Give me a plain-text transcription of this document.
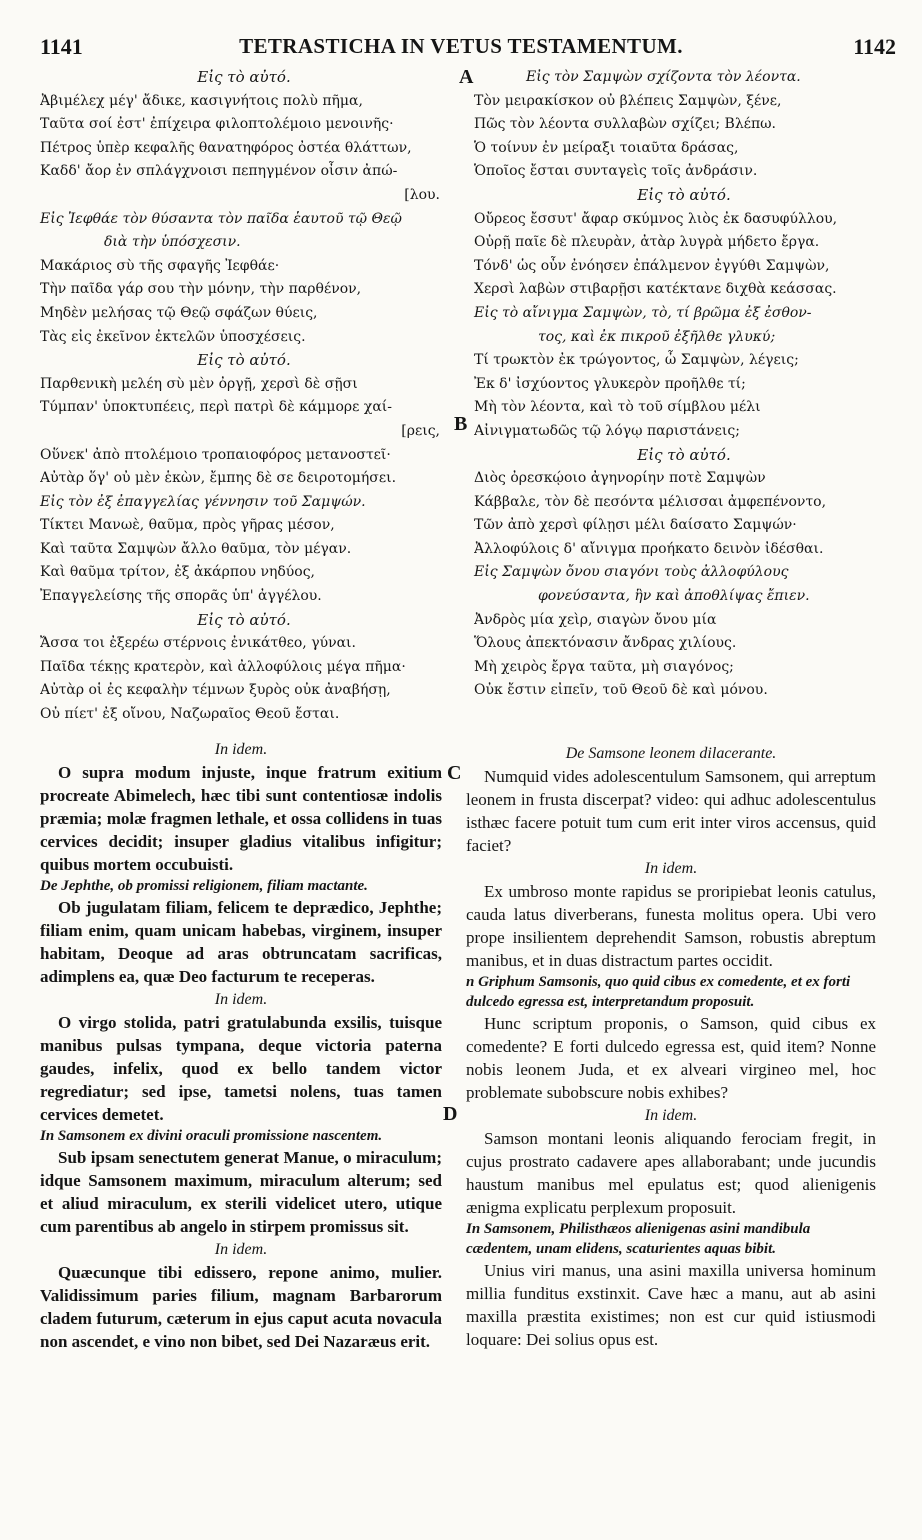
1141	TETRASTICHA IN VETUS TESTAMENTUM.	1142
A
B
C
D
Εἰς τὸ αὐτό.
Ἀβιμέλεχ μέγ' ἄδικε, κασιγνήτοις πολὺ πῆμα,
Ταῦτα σοί ἐστ' ἐπίχειρα φιλοπτολέμοιο μενοινῆς·
Πέτρος ὑπὲρ κεφαλῆς θανατηφόρος ὀστέα θλάττων,
Καδδ' ἄορ ἐν σπλάγχνοισι πεπηγμένον οἶσιν ἀπώ-
[λου.
Εἰς Ἰεφθάε τὸν θύσαντα τὸν παῖδα ἑαυτοῦ τῷ Θεῷ
διὰ τὴν ὑπόσχεσιν.
Μακάριος σὺ τῆς σφαγῆς Ἰεφθάε·
Τὴν παῖδα γάρ σου τὴν μόνην, τὴν παρθένον,
Μηδὲν μελήσας τῷ Θεῷ σφάζων θύεις,
Τὰς εἰς ἐκεῖνον ἐκτελῶν ὑποσχέσεις.
Εἰς τὸ αὐτό.
Παρθενικὴ μελέη σὺ μὲν ὀργῇ, χερσὶ δὲ σῇσι
Τύμπαν' ὑποκτυπέεις, περὶ πατρὶ δὲ κάμμορε χαί-
[ρεις,
Οὕνεκ' ἀπὸ πτολέμοιο τροπαιοφόρος μετανοστεῖ·
Αὐτὰρ ὅγ' οὐ μὲν ἑκὼν, ἔμπης δὲ σε δειροτομήσει.
Εἰς τὸν ἐξ ἐπαγγελίας γέννησιν τοῦ Σαμψών.
Τίκτει Μανωὲ, θαῦμα, πρὸς γῆρας μέσον,
Καὶ ταῦτα Σαμψὼν ἄλλο θαῦμα, τὸν μέγαν.
Καὶ θαῦμα τρίτον, ἐξ ἀκάρπου νηδύος,
Ἐπαγγελείσης τῆς σπορᾶς ὑπ' ἀγγέλου.
Εἰς τὸ αὐτό.
Ἄσσα τοι ἐξερέω στέρνοις ἐνικάτθεο, γύναι.
Παῖδα τέκῃς κρατερὸν, καὶ ἀλλοφύλοις μέγα πῆμα·
Αὐτὰρ οἱ ἐς κεφαλὴν τέμνων ξυρὸς οὐκ ἀναβήσῃ,
Οὐ πίετ' ἐξ οἴνου, Ναζωραῖος Θεοῦ ἔσται.
Εἰς τὸν Σαμψὼν σχίζοντα τὸν λέοντα.
Τὸν μειρακίσκον οὐ βλέπεις Σαμψὼν, ξένε,
Πῶς τὸν λέοντα συλλαβὼν σχίζει; Βλέπω.
Ὁ τοίνυν ἐν μείραξι τοιαῦτα δράσας,
Ὁποῖος ἔσται συνταγεὶς τοῖς ἀνδράσιν.
Εἰς τὸ αὐτό.
Οὔρεος ἔσσυτ' ἄφαρ σκύμνος λιὸς ἐκ δασυφύλλου,
Οὐρῇ παῖε δὲ πλευρὰν, ἀτὰρ λυγρὰ μήδετο ἔργα.
Τόνδ' ὡς οὖν ἐνόησεν ἐπάλμενον ἐγγύθι Σαμψὼν,
Χερσὶ λαβὼν στιβαρῇσι κατέκτανε διχθὰ κεάσσας.
Εἰς τὸ αἴνιγμα Σαμψὼν, τὸ, τί βρῶμα ἐξ ἐσθον-
τος, καὶ ἐκ πικροῦ ἐξῆλθε γλυκύ;
Τί τρωκτὸν ἐκ τρώγοντος, ὦ Σαμψὼν, λέγεις;
Ἐκ δ' ἰσχύοντος γλυκερὸν προῆλθε τί;
Μὴ τὸν λέοντα, καὶ τὸ τοῦ σίμβλου μέλι
Αἰνιγματωδῶς τῷ λόγῳ παριστάνεις;
Εἰς τὸ αὐτό.
Διὸς ὀρεσκῴοιο ἀγηνορίην ποτὲ Σαμψὼν
Κάββαλε, τὸν δὲ πεσόντα μέλισσαι ἀμφεπένοντο,
Τῶν ἀπὸ χερσὶ φίλῃσι μέλι δαίσατο Σαμψών·
Ἀλλοφύλοις δ' αἴνιγμα προήκατο δεινὸν ἰδέσθαι.
Εἰς Σαμψὼν ὄνου σιαγόνι τοὺς ἀλλοφύλους
φονεύσαντα, ἣν καὶ ἀποθλίψας ἔπιεν.
Ἀνδρὸς μία χεὶρ, σιαγὼν ὄνου μία
Ὅλους ἀπεκτόνασιν ἄνδρας χιλίους.
Μὴ χειρὸς ἔργα ταῦτα, μὴ σιαγόνος;
Οὐκ ἔστιν εἰπεῖν, τοῦ Θεοῦ δὲ καὶ μόνου.
In idem.
O supra modum injuste, inque fratrum exitium procreate Abimelech, hæc tibi sunt contentiosæ indolis præmia; molæ fragmen lethale, et ossa collidens in tuas cervices decidit; insuper gladius vitalibus infigitur; quibus mortem occubuisti.
De Jephthe, ob promissi religionem, filiam mactante.
Ob jugulatam filiam, felicem te deprædico, Jephthe; filiam enim, quam unicam habebas, virginem, insuper habitam, Deoque ad aras obtruncatam sacrificas, adimplens ea, quæ Deo facturum te receperas.
In idem.
O virgo stolida, patri gratulabunda exsilis, tuisque manibus pulsas tympana, deque victoria paterna gaudes, infelix, quod ex bello tandem victor regrediatur; sed ipse, tametsi nolens, tuas tamen cervices demetet.
In Samsonem ex divini oraculi promissione nascentem.
Sub ipsam senectutem generat Manue, o miraculum; idque Samsonem maximum, miraculum alterum; sed et aliud miraculum, ex sterili videlicet utero, utique cum parentibus ab angelo in stirpem promissus sit.
In idem.
Quæcunque tibi edissero, repone animo, mulier. Validissimum paries filium, magnam Barbarorum cladem futurum, cæterum in ejus caput acuta novacula non ascendet, e vino non bibet, sed Dei Nazaræus erit.
De Samsone leonem dilacerante.
Numquid vides adolescentulum Samsonem, qui arreptum leonem in frusta discerpat? video: qui adhuc adolescentulus isthæc facere potuit tum cum erit inter viros accensus, quid faciet?
In idem.
Ex umbroso monte rapidus se proripiebat leonis catulus, cauda latus diverberans, funesta molitus opera. Ubi vero prope insilientem deprehendit Samson, robustis abreptum manibus, et in duas distractum partes occidit.
n Griphum Samsonis, quo quid cibus ex comedente, et ex forti dulcedo egressa est, interpretandum proposuit.
Hunc scriptum proponis, o Samson, quid cibus ex comedente? E forti dulcedo egressa est, quid item? Nonne nobis leonem Juda, et ex alveari virgineo mel, hoc problemate subobscure nobis exhibes?
In idem.
Samson montani leonis aliquando ferociam fregit, in cujus prostrato cadavere apes allaborabant; unde jucundis haustum manibus mel epulatus est; quod alienigenis ænigma explicatu perplexum proposuit.
In Samsonem, Philisthæos alienigenas asini mandibula cædentem, unam elidens, scaturientes aquas bibit.
Unius viri manus, una asini maxilla universa hominum millia funditus exstinxit. Cave hæc a manu, aut ab asini maxilla præstita existimes; non est cur quid istiusmodi loquare: Dei solius opus est.
